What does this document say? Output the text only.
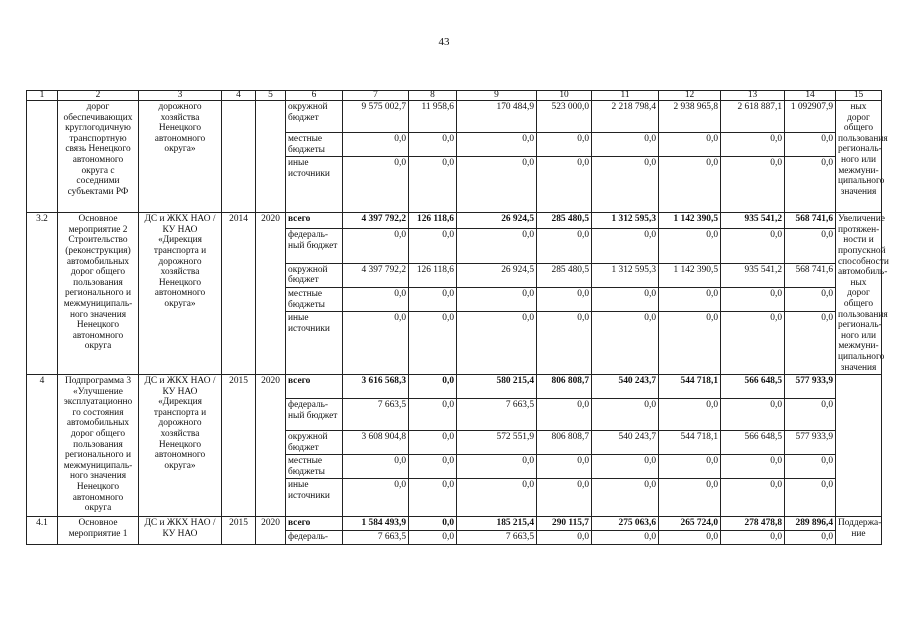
43
1	2	3	4	5	6	7	8	9	10	11	12	13	14	15
	дорог обеспечивающих круглогодичную транспортную связь Ненецкого автономного округа с соседними субъектами РФ	дорожного хозяйства Ненецкого автономного округа»			окружной бюджет	9 575 002,7	11 958,6	170 484,9	523 000,0	2 218 798,4	2 938 965,8	2 618 887,1	1 092907,9	ных дорог общего пользования региональ-ного или межмуни-ципального значения
					местные бюджеты	0,0	0,0	0,0	0,0	0,0	0,0	0,0	0,0	
					иные источники	0,0	0,0	0,0	0,0	0,0	0,0	0,0	0,0	
3.2	Основное мероприятие 2 Строительство (реконструкция) автомобильных дорог общего пользования регионального и межмуниципаль-ного значения Ненецкого автономного округа	ДС и ЖКХ НАО / КУ НАО «Дирекция транспорта и дорожного хозяйства Ненецкого автономного округа»	2014	2020	всего	4 397 792,2	126 118,6	26 924,5	285 480,5	1 312 595,3	1 142 390,5	935 541,2	568 741,6	Увеличение протяжен-ности и пропускной способности автомобиль-ных дорог общего пользования региональ-ного или межмуни-ципального значения
					федераль-ный бюджет	0,0	0,0	0,0	0,0	0,0	0,0	0,0	0,0	
					окружной бюджет	4 397 792,2	126 118,6	26 924,5	285 480,5	1 312 595,3	1 142 390,5	935 541,2	568 741,6	
					местные бюджеты	0,0	0,0	0,0	0,0	0,0	0,0	0,0	0,0	
					иные источники	0,0	0,0	0,0	0,0	0,0	0,0	0,0	0,0	
4	Подпрограмма 3 «Улучшение эксплуатационно го состояния автомобильных дорог общего пользования регионального и межмуниципаль-ного значения Ненецкого автономного округа	ДС и ЖКХ НАО / КУ НАО «Дирекция транспорта и дорожного хозяйства Ненецкого автономного округа»	2015	2020	всего	3 616 568,3	0,0	580 215,4	806 808,7	540 243,7	544 718,1	566 648,5	577 933,9	
					федераль-ный бюджет	7 663,5	0,0	7 663,5	0,0	0,0	0,0	0,0	0,0	
					окружной бюджет	3 608 904,8	0,0	572 551,9	806 808,7	540 243,7	544 718,1	566 648,5	577 933,9	
					местные бюджеты	0,0	0,0	0,0	0,0	0,0	0,0	0,0	0,0	
					иные источники	0,0	0,0	0,0	0,0	0,0	0,0	0,0	0,0	
4.1	Основное мероприятие 1	ДС и ЖКХ НАО / КУ НАО	2015	2020	всего	1 584 493,9	0,0	185 215,4	290 115,7	275 063,6	265 724,0	278 478,8	289 896,4	Поддержа-ние
					федераль-	7 663,5	0,0	7 663,5	0,0	0,0	0,0	0,0	0,0	
